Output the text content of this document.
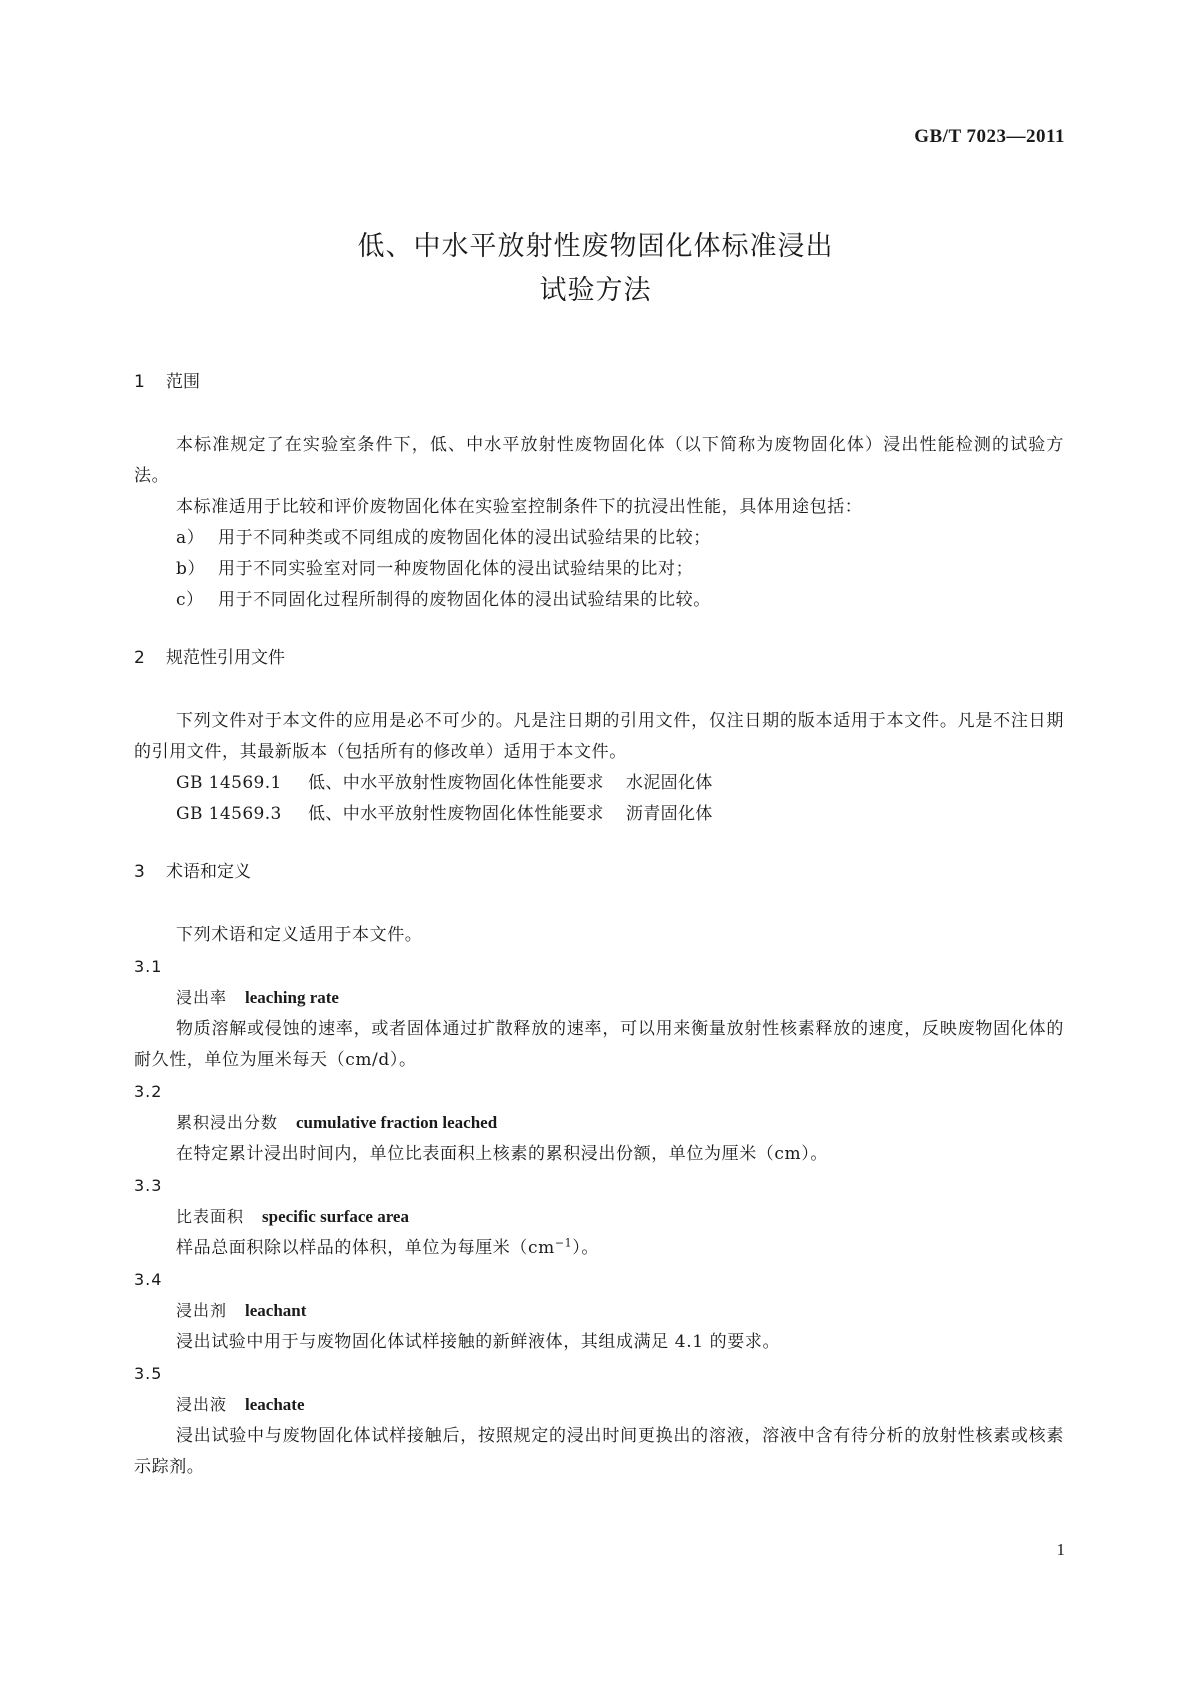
GB/T 7023—2011
低、中水平放射性废物固化体标准浸出
试验方法
1 范围
本标准规定了在实验室条件下，低、中水平放射性废物固化体（以下简称为废物固化体）浸出性能检测的试验方法。
本标准适用于比较和评价废物固化体在实验室控制条件下的抗浸出性能，具体用途包括：
a） 用于不同种类或不同组成的废物固化体的浸出试验结果的比较；
b） 用于不同实验室对同一种废物固化体的浸出试验结果的比对；
c） 用于不同固化过程所制得的废物固化体的浸出试验结果的比较。
2 规范性引用文件
下列文件对于本文件的应用是必不可少的。凡是注日期的引用文件，仅注日期的版本适用于本文件。凡是不注日期的引用文件，其最新版本（包括所有的修改单）适用于本文件。
GB 14569.1 低、中水平放射性废物固化体性能要求 水泥固化体
GB 14569.3 低、中水平放射性废物固化体性能要求 沥青固化体
3 术语和定义
下列术语和定义适用于本文件。
3.1
浸出率 leaching rate
物质溶解或侵蚀的速率，或者固体通过扩散释放的速率，可以用来衡量放射性核素释放的速度，反映废物固化体的耐久性，单位为厘米每天（cm/d）。
3.2
累积浸出分数 cumulative fraction leached
在特定累计浸出时间内，单位比表面积上核素的累积浸出份额，单位为厘米（cm）。
3.3
比表面积 specific surface area
样品总面积除以样品的体积，单位为每厘米$(cm^{-1})$。
3.4
浸出剂 leachant
浸出试验中用于与废物固化体试样接触的新鲜液体，其组成满足 4.1 的要求。
3.5
浸出液 leachate
浸出试验中与废物固化体试样接触后，按照规定的浸出时间更换出的溶液，溶液中含有待分析的放射性核素或核素示踪剂。
1
